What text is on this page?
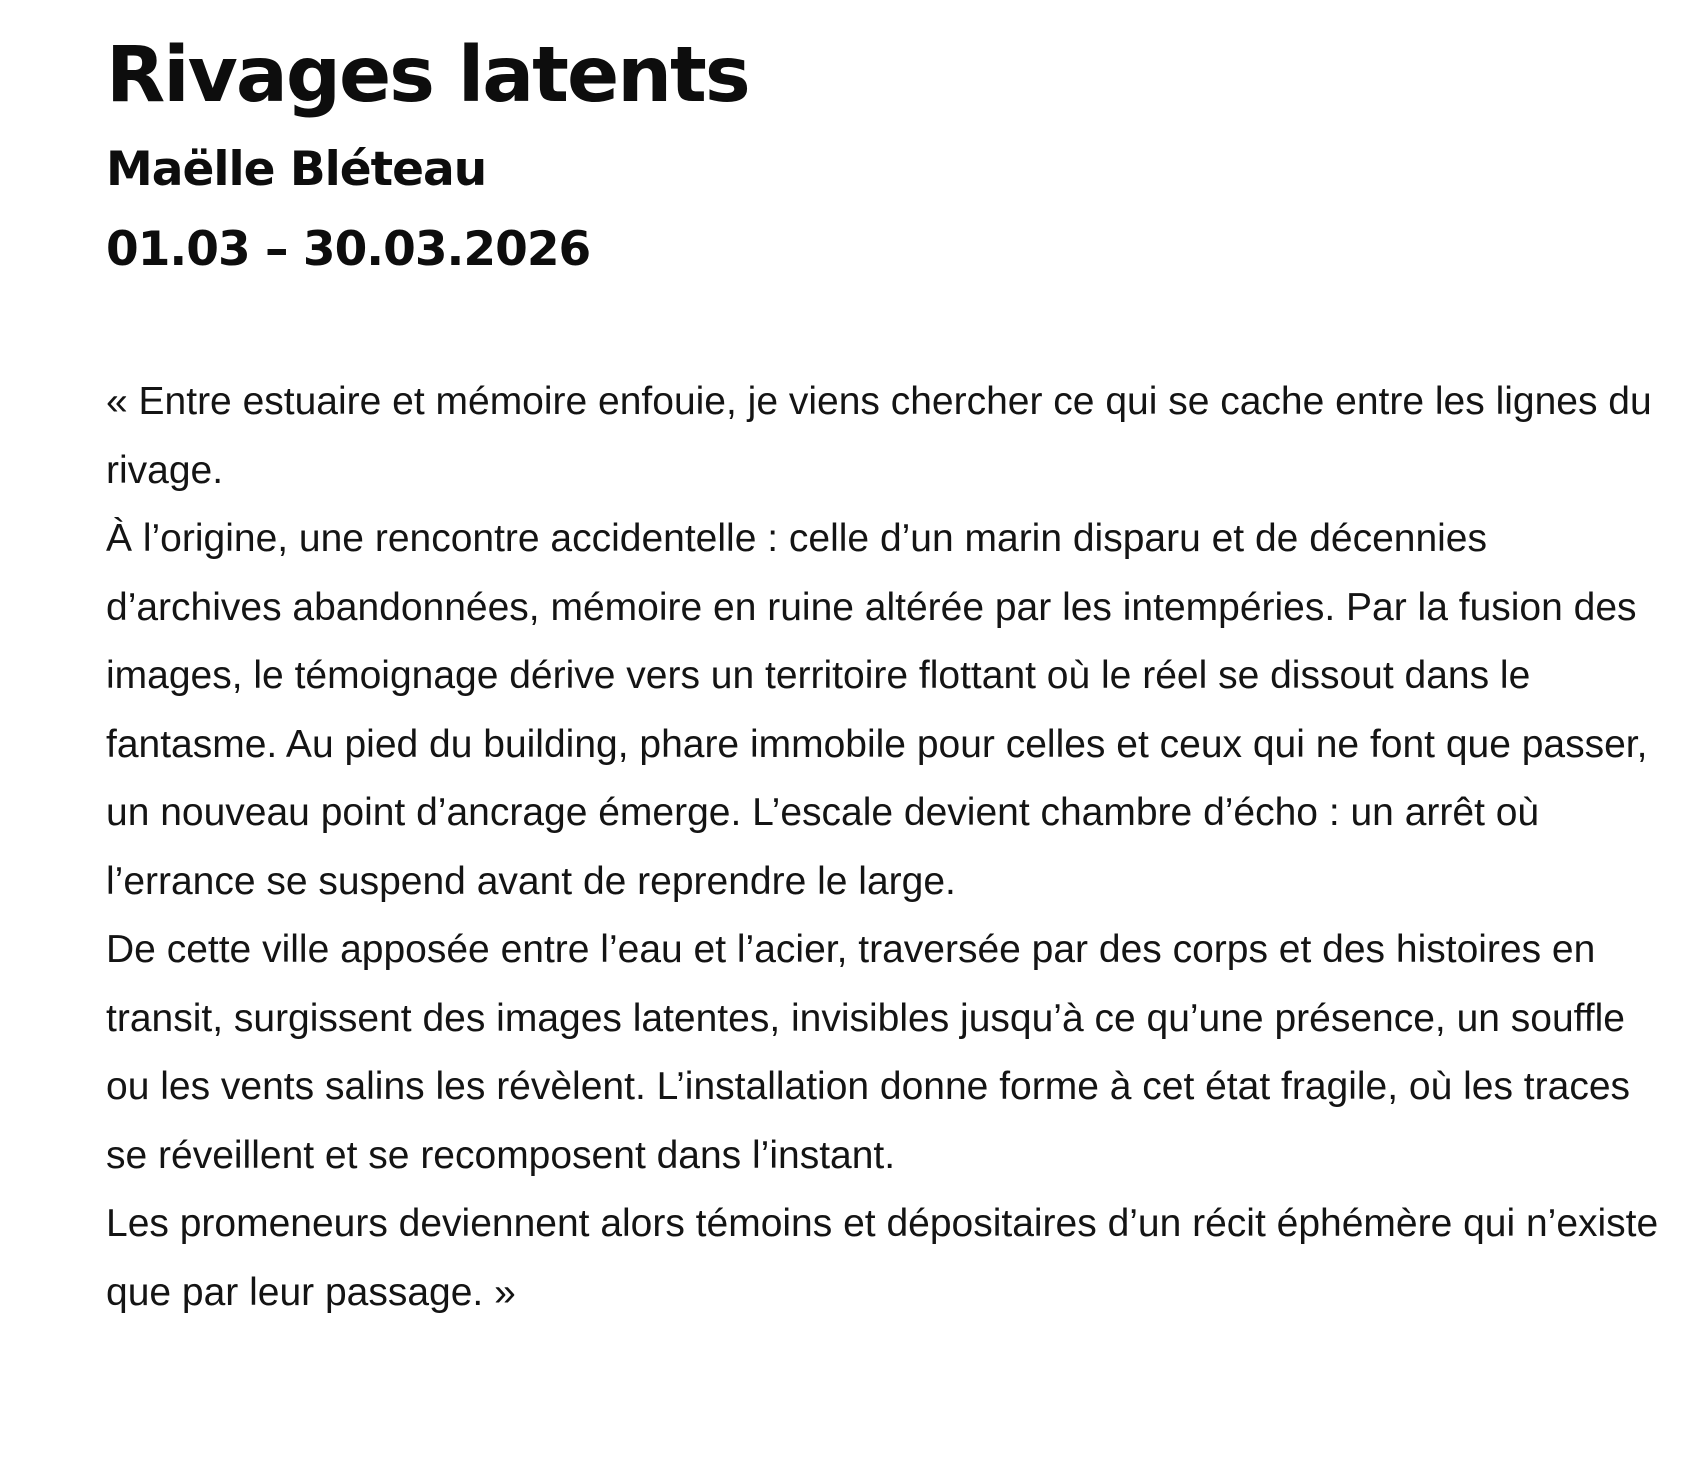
Rivages latents
Maëlle Bléteau
01.03 – 30.03.2026

« Entre estuaire et mémoire enfouie, je viens chercher ce qui se cache entre les lignes du rivage.

À l’origine, une rencontre accidentelle : celle d’un marin disparu et de décennies d’archives abandonnées, mémoire en ruine altérée par les intempéries. Par la fusion des images, le témoignage dérive vers un territoire flottant où le réel se dissout dans le fantasme. Au pied du building, phare immobile pour celles et ceux qui ne font que passer, un nouveau point d’ancrage émerge. L’escale devient chambre d’écho : un arrêt où l’errance se suspend avant de reprendre le large.

De cette ville apposée entre l’eau et l’acier, traversée par des corps et des histoires en transit, surgissent des images latentes, invisibles jusqu’à ce qu’une présence, un souffle ou les vents salins les révèlent. L’installation donne forme à cet état fragile, où les traces se réveillent et se recomposent dans l’instant.

Les promeneurs deviennent alors témoins et dépositaires d’un récit éphémère qui n’existe que par leur passage. »
